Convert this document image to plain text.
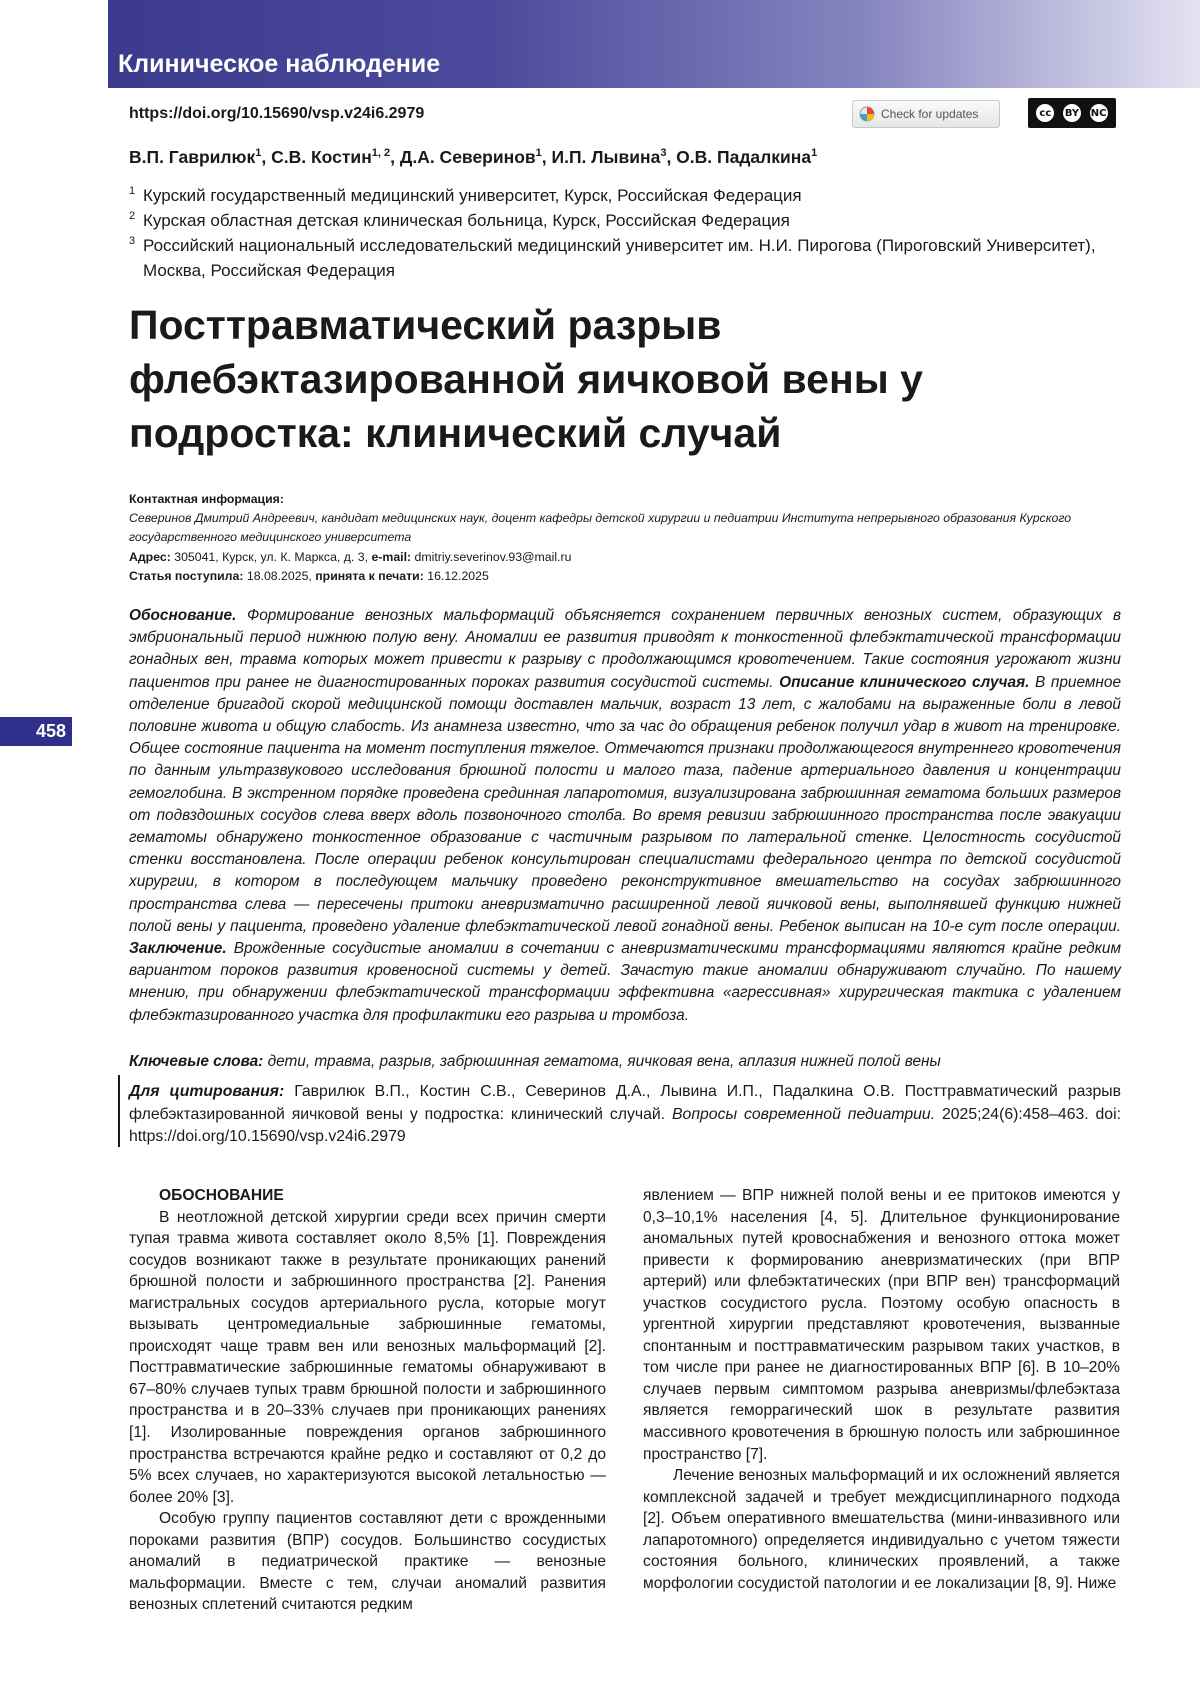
Клиническое наблюдение
https://doi.org/10.15690/vsp.v24i6.2979	Check for updates	cc	BY	NC
В.П. Гаврилюк$^1$, С.В. Костин$^{1, 2}$, Д.А. Северинов$^1$, И.П. Лывина$^3$, О.В. Падалкина$^1$
1 Курский государственный медицинский университет, Курск, Российская Федерация
2 Курская областная детская клиническая больница, Курск, Российская Федерация
3 Российский национальный исследовательский медицинский университет им. Н.И. Пирогова (Пироговский Университет), Москва, Российская Федерация
Посттравматический разрыв флебэктазированной яичковой вены у подростка: клинический случай
Контактная информация:
Северинов Дмитрий Андреевич, кандидат медицинских наук, доцент кафедры детской хирургии и педиатрии Института непрерывного образования Курского государственного медицинского университета
Адрес: 305041, Курск, ул. К. Маркса, д. 3, e-mail: dmitriy.severinov.93@mail.ru
Статья поступила: 18.08.2025, принята к печати: 16.12.2025
Обоснование. Формирование венозных мальформаций объясняется сохранением первичных венозных систем, образующих в эмбриональный период нижнюю полую вену. Аномалии ее развития приводят к тонкостенной флебэктатической трансформации гонадных вен, травма которых может привести к разрыву с продолжающимся кровотечением. Такие состояния угрожают жизни пациентов при ранее не диагностированных пороках развития сосудистой системы. Описание клинического случая. В приемное отделение бригадой скорой медицинской помощи доставлен мальчик, возраст 13 лет, с жалобами на выраженные боли в левой половине живота и общую слабость. Из анамнеза известно, что за час до обращения ребенок получил удар в живот на тренировке. Общее состояние пациента на момент поступления тяжелое. Отмечаются признаки продолжающегося внутреннего кровотечения по данным ультразвукового исследования брюшной полости и малого таза, падение артериального давления и концентрации гемоглобина. В экстренном порядке проведена срединная лапаротомия, визуализирована забрюшинная гематома больших размеров от подвздошных сосудов слева вверх вдоль позвоночного столба. Во время ревизии забрюшинного пространства после эвакуации гематомы обнаружено тонкостенное образование с частичным разрывом по латеральной стенке. Целостность сосудистой стенки восстановлена. После операции ребенок консультирован специалистами федерального центра по детской сосудистой хирургии, в котором в последующем мальчику проведено реконструктивное вмешательство на сосудах забрюшинного пространства слева — пересечены притоки аневризматично расширенной левой яичковой вены, выполнявшей функцию нижней полой вены у пациента, проведено удаление флебэктатической левой гонадной вены. Ребенок выписан на 10-е сут после операции. Заключение. Врожденные сосудистые аномалии в сочетании с аневризматическими трансформациями являются крайне редким вариантом пороков развития кровеносной системы у детей. Зачастую такие аномалии обнаруживают случайно. По нашему мнению, при обнаружении флебэктатической трансформации эффективна «агрессивная» хирургическая тактика с удалением флебэктазированного участка для профилактики его разрыва и тромбоза.
Ключевые слова: дети, травма, разрыв, забрюшинная гематома, яичковая вена, аплазия нижней полой вены
Для цитирования: Гаврилюк В.П., Костин С.В., Северинов Д.А., Лывина И.П., Падалкина О.В. Посттравматический разрыв флебэктазированной яичковой вены у подростка: клинический случай. Вопросы современной педиатрии. 2025;24(6):458–463. doi: https://doi.org/10.15690/vsp.v24i6.2979
458
ОБОСНОВАНИЕ

В неотложной детской хирургии среди всех причин смерти тупая травма живота составляет около 8,5% [1]. Повреждения сосудов возникают также в результате проникающих ранений брюшной полости и забрюшинного пространства [2]. Ранения магистральных сосудов артериального русла, которые могут вызывать центромедиальные забрюшинные гематомы, происходят чаще травм вен или венозных мальформаций [2]. Посттравматические забрюшинные гематомы обнаруживают в 67–80% случаев тупых травм брюшной полости и забрюшинного пространства и в 20–33% случаев при проникающих ранениях [1]. Изолированные повреждения органов забрюшинного пространства встречаются крайне редко и составляют от 0,2 до 5% всех случаев, но характеризуются высокой летальностью — более 20% [3].

Особую группу пациентов составляют дети с врожденными пороками развития (ВПР) сосудов. Большинство сосудистых аномалий в педиатрической практике — венозные мальформации. Вместе с тем, случаи аномалий развития венозных сплетений считаются редким

явлением — ВПР нижней полой вены и ее притоков имеются у 0,3–10,1% населения [4, 5]. Длительное функционирование аномальных путей кровоснабжения и венозного оттока может привести к формированию аневризматических (при ВПР артерий) или флебэктатических (при ВПР вен) трансформаций участков сосудистого русла. Поэтому особую опасность в ургентной хирургии представляют кровотечения, вызванные спонтанным и посттравматическим разрывом таких участков, в том числе при ранее не диагностированных ВПР [6]. В 10–20% случаев первым симптомом разрыва аневризмы/флебэктаза является геморрагический шок в результате развития массивного кровотечения в брюшную полость или забрюшинное пространство [7].

Лечение венозных мальформаций и их осложнений является комплексной задачей и требует междисциплинарного подхода [2]. Объем оперативного вмешательства (мини-инвазивного или лапаротомного) определяется индивидуально с учетом тяжести состояния больного, клинических проявлений, а также морфологии сосудистой патологии и ее локализации [8, 9]. Ниже
